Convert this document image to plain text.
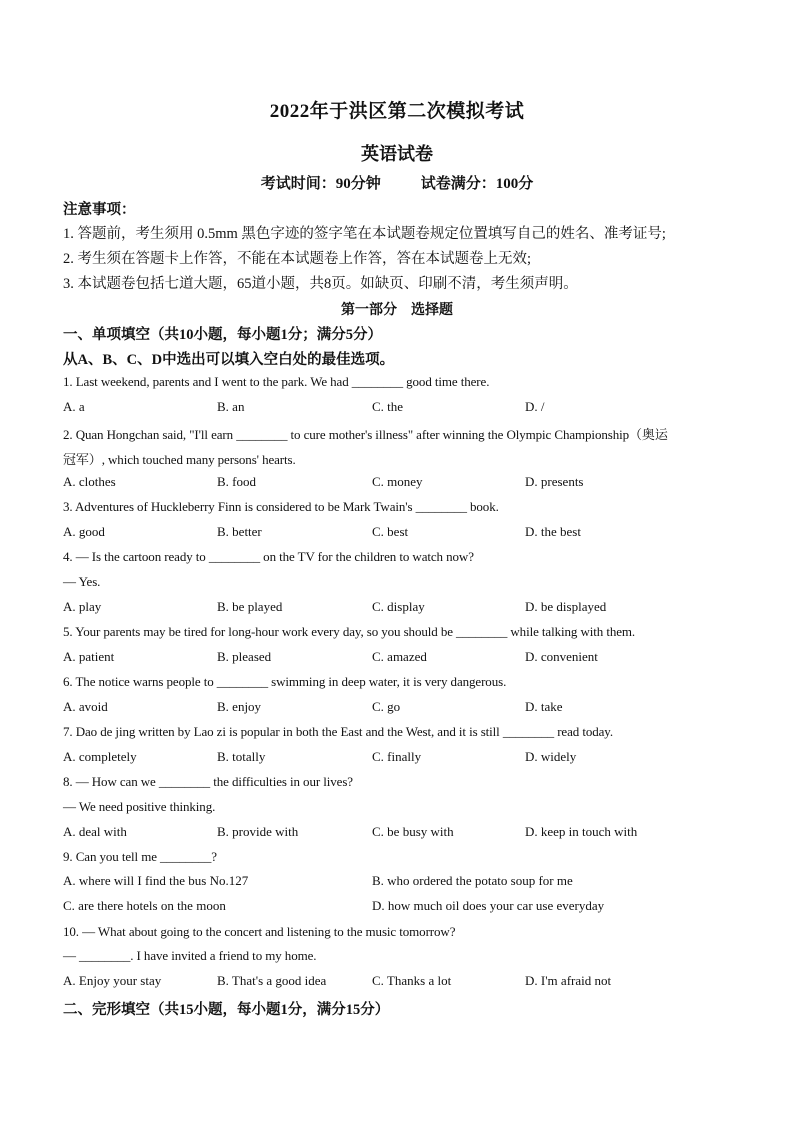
2022年于洪区第二次模拟考试
英语试卷
考试时间：90分钟	试卷满分：100分
注意事项：
1. 答题前，考生须用 0.5mm 黑色字迹的签字笔在本试题卷规定位置填写自己的姓名、准考证号;
2. 考生须在答题卡上作答，不能在本试题卷上作答，答在本试题卷上无效;
3. 本试题卷包括七道大题，65道小题，共8页。如缺页、印刷不清，考生须声明。
第一部分 选择题
一、单项填空（共10小题，每小题1分；满分5分）
从A、B、C、D中选出可以填入空白处的最佳选项。
1. Last weekend, parents and I went to the park. We had ________ good time there.
A. a	B. an	C. the	D. /
2. Quan Hongchan said, "I'll earn ________ to cure mother's illness" after winning the Olympic Championship（奥运
冠军）, which touched many persons' hearts.
A. clothes	B. food	C. money	D. presents
3. Adventures of Huckleberry Finn is considered to be Mark Twain's ________ book.
A. good	B. better	C. best	D. the best
4. — Is the cartoon ready to ________ on the TV for the children to watch now?
— Yes.
A. play	B. be played	C. display	D. be displayed
5. Your parents may be tired for long-hour work every day, so you should be ________ while talking with them.
A. patient	B. pleased	C. amazed	D. convenient
6. The notice warns people to ________ swimming in deep water, it is very dangerous.
A. avoid	B. enjoy	C. go	D. take
7. Dao de jing written by Lao zi is popular in both the East and the West, and it is still ________ read today.
A. completely	B. totally	C. finally	D. widely
8. — How can we ________ the difficulties in our lives?
— We need positive thinking.
A. deal with	B. provide with	C. be busy with	D. keep in touch with
9. Can you tell me ________?
A. where will I find the bus No.127	B. who ordered the potato soup for me
C. are there hotels on the moon	D. how much oil does your car use everyday
10. — What about going to the concert and listening to the music tomorrow?
— ________. I have invited a friend to my home.
A. Enjoy your stay	B. That's a good idea	C. Thanks a lot	D. I'm afraid not
二、完形填空（共15小题，每小题1分，满分15分）
